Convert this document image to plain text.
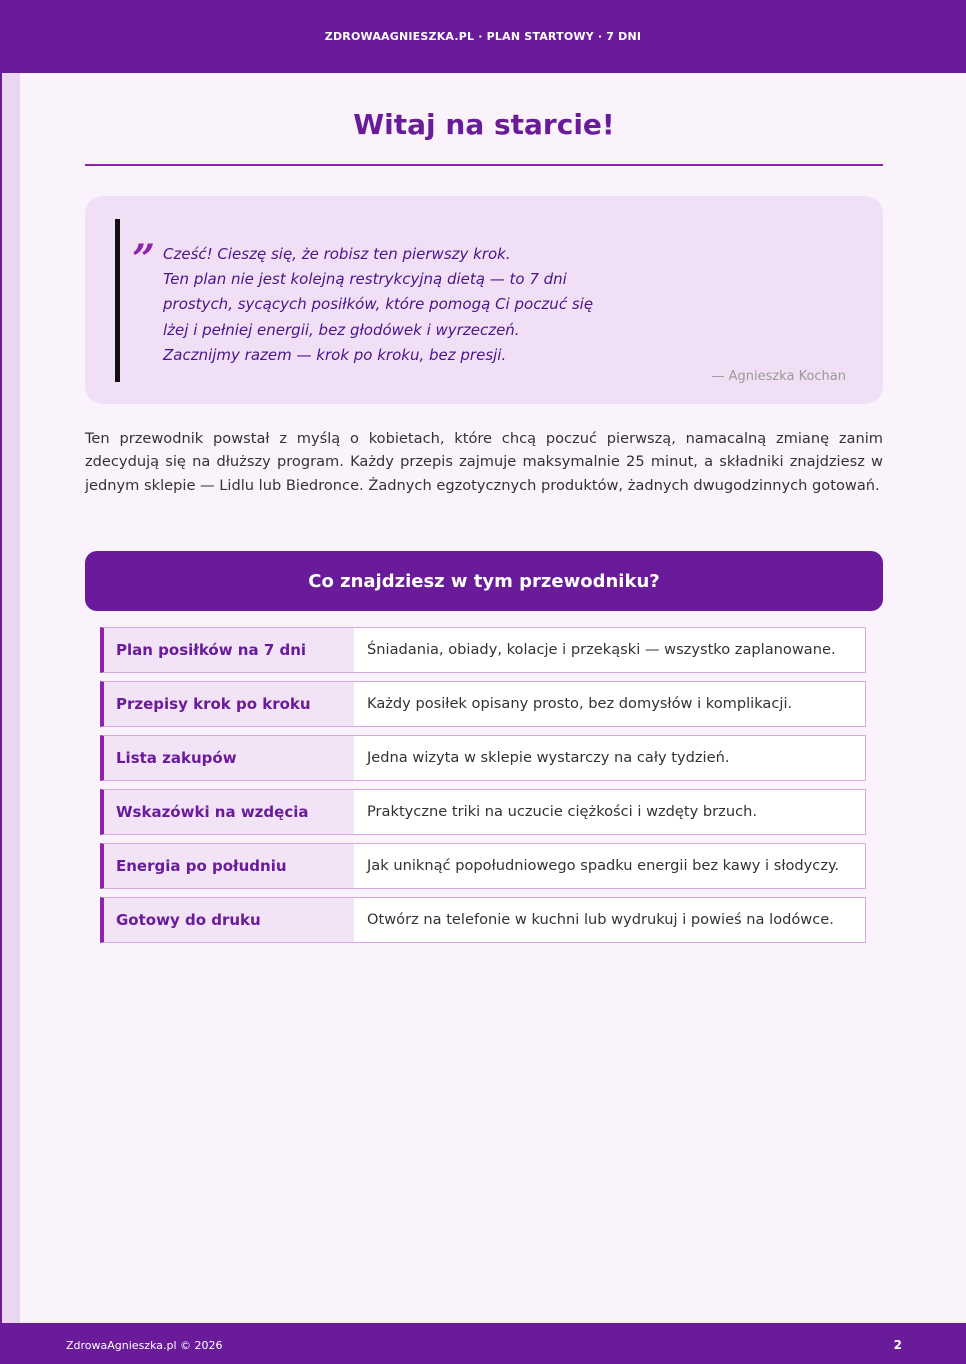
ZDROWAAGNIESZKA.PL · PLAN STARTOWY · 7 DNI
Witaj na starcie!
” Cześć! Cieszę się, że robisz ten pierwszy krok.
Ten plan nie jest kolejną restrykcyjną dietą — to 7 dni
prostych, sycących posiłków, które pomogą Ci poczuć się
lżej i pełniej energii, bez głodówek i wyrzeczeń.
Zacznijmy razem — krok po kroku, bez presji.
— Agnieszka Kochan

Ten przewodnik powstał z myślą o kobietach, które chcą poczuć pierwszą, namacalną zmianę zanim zdecydują się na dłuższy program. Każdy przepis zajmuje maksymalnie 25 minut, a składniki znajdziesz w jednym sklepie — Lidlu lub Biedronce. Żadnych egzotycznych produktów, żadnych dwugodzinnych gotowań.

Co znajdziesz w tym przewodniku?
Plan posiłków na 7 dni	Śniadania, obiady, kolacje i przekąski — wszystko zaplanowane.
Przepisy krok po kroku	Każdy posiłek opisany prosto, bez domysłów i komplikacji.
Lista zakupów	Jedna wizyta w sklepie wystarczy na cały tydzień.
Wskazówki na wzdęcia	Praktyczne triki na uczucie ciężkości i wzdęty brzuch.
Energia po południu	Jak uniknąć popołudniowego spadku energii bez kawy i słodyczy.
Gotowy do druku	Otwórz na telefonie w kuchni lub wydrukuj i powieś na lodówce.
ZdrowaAgnieszka.pl © 2026	2
